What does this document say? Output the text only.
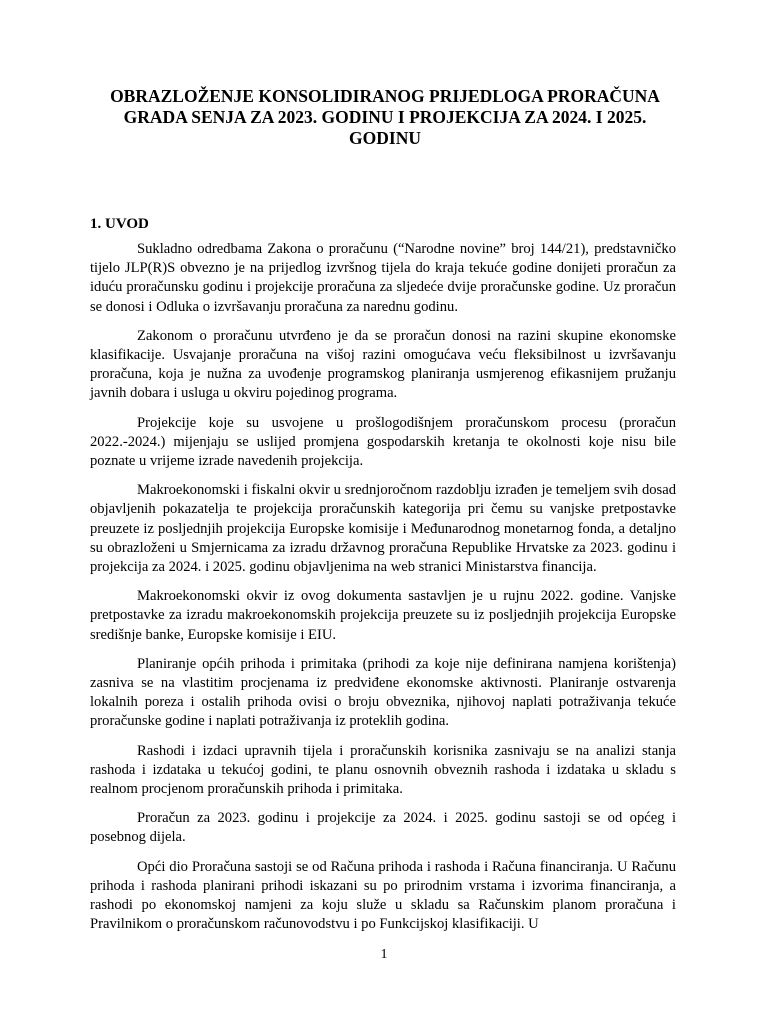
OBRAZLOŽENJE KONSOLIDIRANOG PRIJEDLOGA PRORAČUNA GRADA SENJA ZA 2023. GODINU I PROJEKCIJA ZA 2024. I 2025. GODINU
1. UVOD

Sukladno odredbama Zakona o proračunu (“Narodne novine” broj 144/21), predstavničko tijelo JLP(R)S obvezno je na prijedlog izvršnog tijela do kraja tekuće godine donijeti proračun za iduću proračunsku godinu i projekcije proračuna za sljedeće dvije proračunske godine. Uz proračun se donosi i Odluka o izvršavanju proračuna za narednu godinu.

Zakonom o proračunu utvrđeno je da se proračun donosi na razini skupine ekonomske klasifikacije. Usvajanje proračuna na višoj razini omogućava veću fleksibilnost u izvršavanju proračuna, koja je nužna za uvođenje programskog planiranja usmjerenog efikasnijem pružanju javnih dobara i usluga u okviru pojedinog programa.

Projekcije koje su usvojene u prošlogodišnjem proračunskom procesu (proračun 2022.-2024.) mijenjaju se uslijed promjena gospodarskih kretanja te okolnosti koje nisu bile poznate u vrijeme izrade navedenih projekcija.

Makroekonomski i fiskalni okvir u srednjoročnom razdoblju izrađen je temeljem svih dosad objavljenih pokazatelja te projekcija proračunskih kategorija pri čemu su vanjske pretpostavke preuzete iz posljednjih projekcija Europske komisije i Međunarodnog monetarnog fonda, a detaljno su obrazloženi u Smjernicama za izradu državnog proračuna Republike Hrvatske za 2023. godinu i projekcija za 2024. i 2025. godinu objavljenima na web stranici Ministarstva financija.

Makroekonomski okvir iz ovog dokumenta sastavljen je u rujnu 2022. godine. Vanjske pretpostavke za izradu makroekonomskih projekcija preuzete su iz posljednjih projekcija Europske središnje banke, Europske komisije i EIU.

Planiranje općih prihoda i primitaka (prihodi za koje nije definirana namjena korištenja) zasniva se na vlastitim procjenama iz predviđene ekonomske aktivnosti. Planiranje ostvarenja lokalnih poreza i ostalih prihoda ovisi o broju obveznika, njihovoj naplati potraživanja tekuće proračunske godine i naplati potraživanja iz proteklih godina.

Rashodi i izdaci upravnih tijela i proračunskih korisnika zasnivaju se na analizi stanja rashoda i izdataka u tekućoj godini, te planu osnovnih obveznih rashoda i izdataka u skladu s realnom procjenom proračunskih prihoda i primitaka.

Proračun za 2023. godinu i projekcije za 2024. i 2025. godinu sastoji se od općeg i posebnog dijela.

Opći dio Proračuna sastoji se od Računa prihoda i rashoda i Računa financiranja. U Računu prihoda i rashoda planirani prihodi iskazani su po prirodnim vrstama i izvorima financiranja, a rashodi po ekonomskoj namjeni za koju služe u skladu sa Računskim planom proračuna i Pravilnikom o proračunskom računovodstvu i po Funkcijskoj klasifikaciji. U

1
